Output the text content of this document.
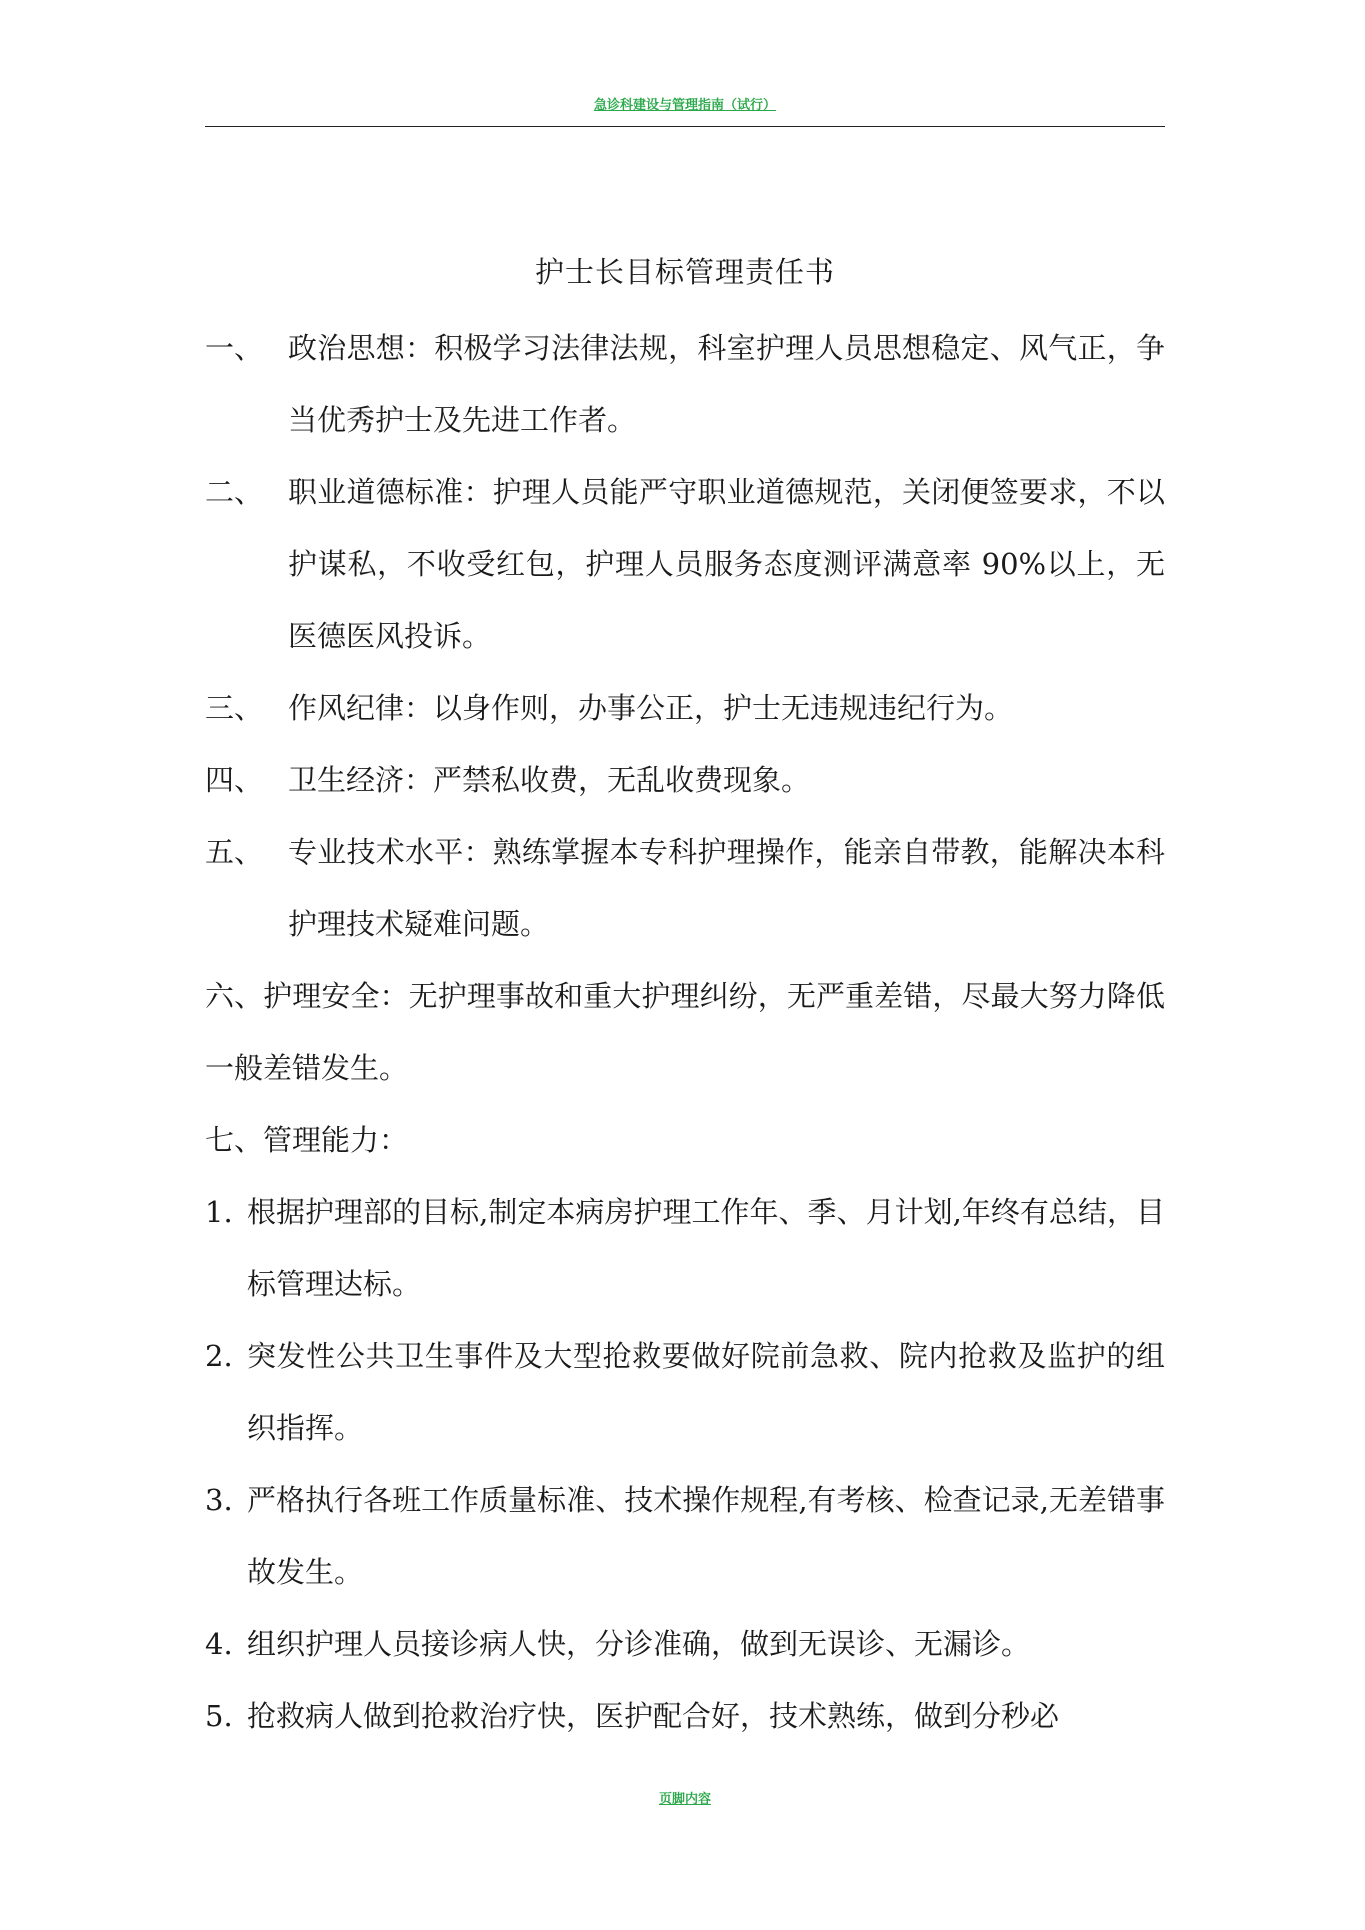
急诊科建设与管理指南（试行）
护士长目标管理责任书
一、 政治思想：积极学习法律法规，科室护理人员思想稳定、风气正，争当优秀护士及先进工作者。
二、 职业道德标准：护理人员能严守职业道德规范，关闭便签要求，不以护谋私，不收受红包，护理人员服务态度测评满意率 90%以上，无医德医风投诉。
三、 作风纪律：以身作则，办事公正，护士无违规违纪行为。
四、 卫生经济：严禁私收费，无乱收费现象。
五、 专业技术水平：熟练掌握本专科护理操作，能亲自带教，能解决本科护理技术疑难问题。

六、护理安全：无护理事故和重大护理纠纷，无严重差错，尽最大努力降低一般差错发生。

七、管理能力：

1. 根据护理部的目标,制定本病房护理工作年、季、月计划,年终有总结，目标管理达标。
2. 突发性公共卫生事件及大型抢救要做好院前急救、院内抢救及监护的组织指挥。
3. 严格执行各班工作质量标准、技术操作规程,有考核、检查记录,无差错事故发生。
4. 组织护理人员接诊病人快，分诊准确，做到无误诊、无漏诊。
5. 抢救病人做到抢救治疗快，医护配合好，技术熟练，做到分秒必
页脚内容
